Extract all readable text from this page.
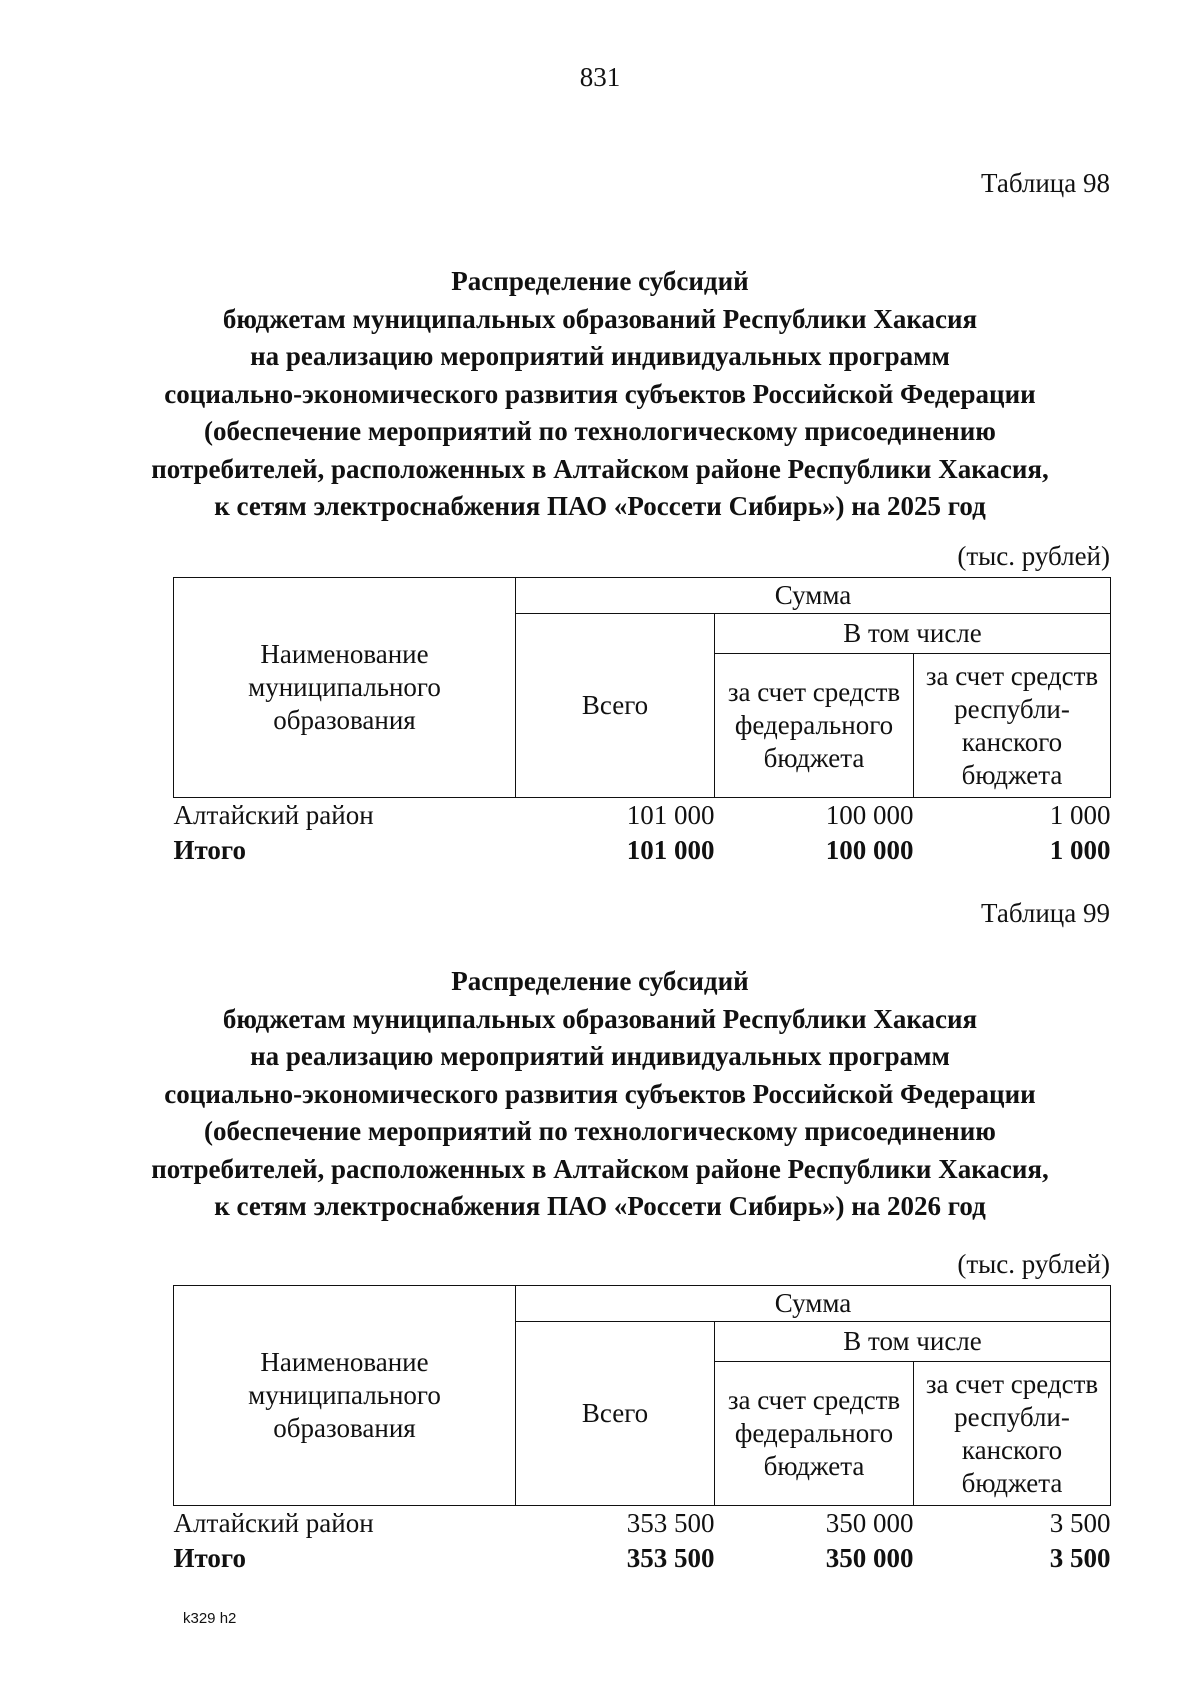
831
Таблица 98
Распределение субсидий
бюджетам муниципальных образований Республики Хакасия
на реализацию мероприятий индивидуальных программ
социально-экономического развития субъектов Российской Федерации
(обеспечение мероприятий по технологическому присоединению
потребителей, расположенных в Алтайском районе Республики Хакасия,
к сетям электроснабжения ПАО «Россети Сибирь») на 2025 год
(тыс. рублей)
Наименование муниципального образования	Сумма		
	Всего	В том числе	
		за счет средств федерального бюджета	за счет средств республи-канского бюджета
Алтайский район	101 000	100 000	1 000
Итого	101 000	100 000	1 000
Таблица 99
Распределение субсидий
бюджетам муниципальных образований Республики Хакасия
на реализацию мероприятий индивидуальных программ
социально-экономического развития субъектов Российской Федерации
(обеспечение мероприятий по технологическому присоединению
потребителей, расположенных в Алтайском районе Республики Хакасия,
к сетям электроснабжения ПАО «Россети Сибирь») на 2026 год
(тыс. рублей)
Наименование муниципального образования	Сумма		
	Всего	В том числе	
		за счет средств федерального бюджета	за счет средств республи-канского бюджета
Алтайский район	353 500	350 000	3 500
Итого	353 500	350 000	3 500
k329 h2
